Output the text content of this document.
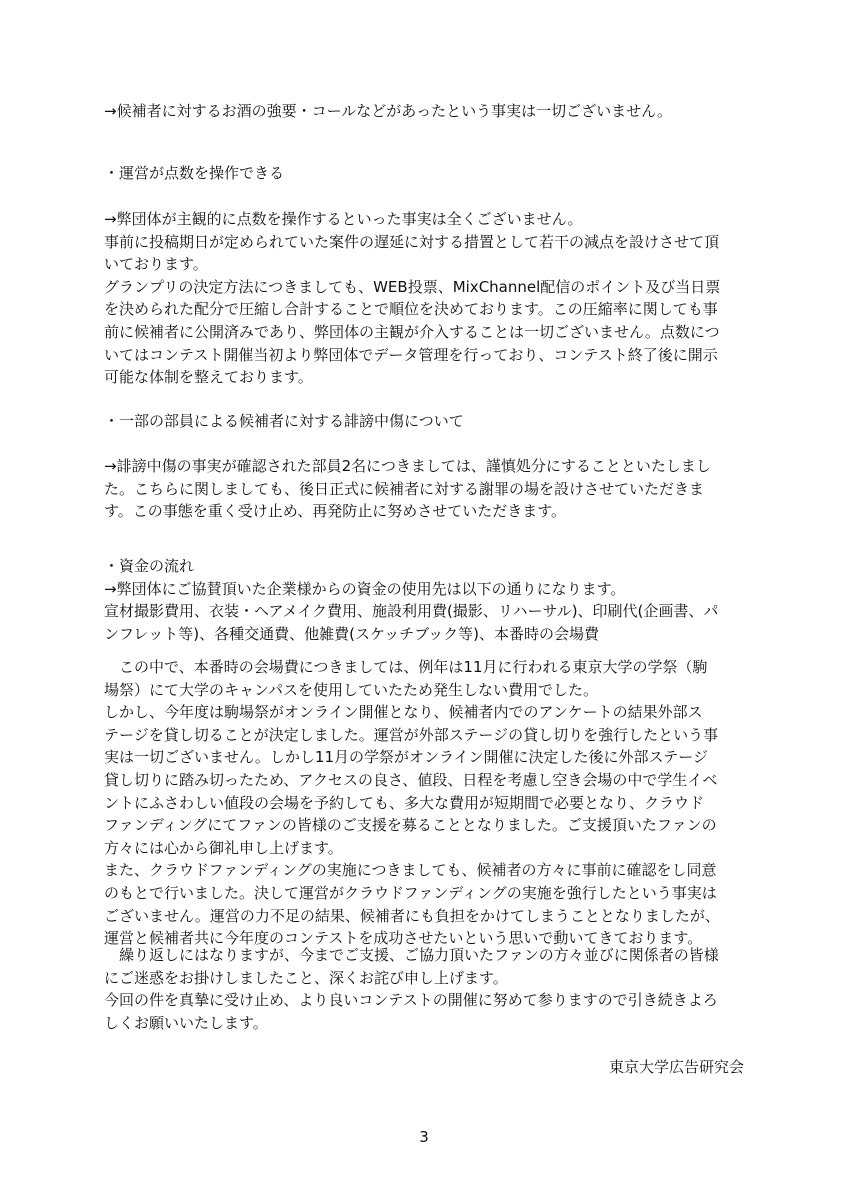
→候補者に対するお酒の強要・コールなどがあったという事実は一切ございません。
・運営が点数を操作できる
→弊団体が主観的に点数を操作するといった事実は全くございません。
事前に投稿期日が定められていた案件の遅延に対する措置として若干の減点を設けさせて頂
いております。
グランプリの決定方法につきましても、WEB投票、MixChannel配信のポイント及び当日票
を決められた配分で圧縮し合計することで順位を決めております。この圧縮率に関しても事
前に候補者に公開済みであり、弊団体の主観が介入することは一切ございません。点数につ
いてはコンテスト開催当初より弊団体でデータ管理を行っており、コンテスト終了後に開示
可能な体制を整えております。
・一部の部員による候補者に対する誹謗中傷について
→誹謗中傷の事実が確認された部員2名につきましては、謹慎処分にすることといたしまし
た。こちらに関しましても、後日正式に候補者に対する謝罪の場を設けさせていただきま
す。この事態を重く受け止め、再発防止に努めさせていただきます。
・資金の流れ
→弊団体にご協賛頂いた企業様からの資金の使用先は以下の通りになります。
宣材撮影費用、衣装・ヘアメイク費用、施設利用費(撮影、リハーサル)、印刷代(企画書、パ
ンフレット等)、各種交通費、他雑費(スケッチブック等)、本番時の会場費
　この中で、本番時の会場費につきましては、例年は11月に行われる東京大学の学祭（駒
場祭）にて大学のキャンパスを使用していたため発生しない費用でした。
しかし、今年度は駒場祭がオンライン開催となり、候補者内でのアンケートの結果外部ス
テージを貸し切ることが決定しました。運営が外部ステージの貸し切りを強行したという事
実は一切ございません。しかし11月の学祭がオンライン開催に決定した後に外部ステージ
貸し切りに踏み切ったため、アクセスの良さ、値段、日程を考慮し空き会場の中で学生イベ
ントにふさわしい値段の会場を予約しても、多大な費用が短期間で必要となり、クラウド
ファンディングにてファンの皆様のご支援を募ることとなりました。ご支援頂いたファンの
方々には心から御礼申し上げます。
また、クラウドファンディングの実施につきましても、候補者の方々に事前に確認をし同意
のもとで行いました。決して運営がクラウドファンディングの実施を強行したという事実は
ございません。運営の力不足の結果、候補者にも負担をかけてしまうこととなりましたが、
運営と候補者共に今年度のコンテストを成功させたいという思いで動いてきております。
　繰り返しにはなりますが、今までご支援、ご協力頂いたファンの方々並びに関係者の皆様
にご迷惑をお掛けしましたこと、深くお詫び申し上げます。
今回の件を真摯に受け止め、より良いコンテストの開催に努めて参りますので引き続きよろ
しくお願いいたします。
東京大学広告研究会
3
